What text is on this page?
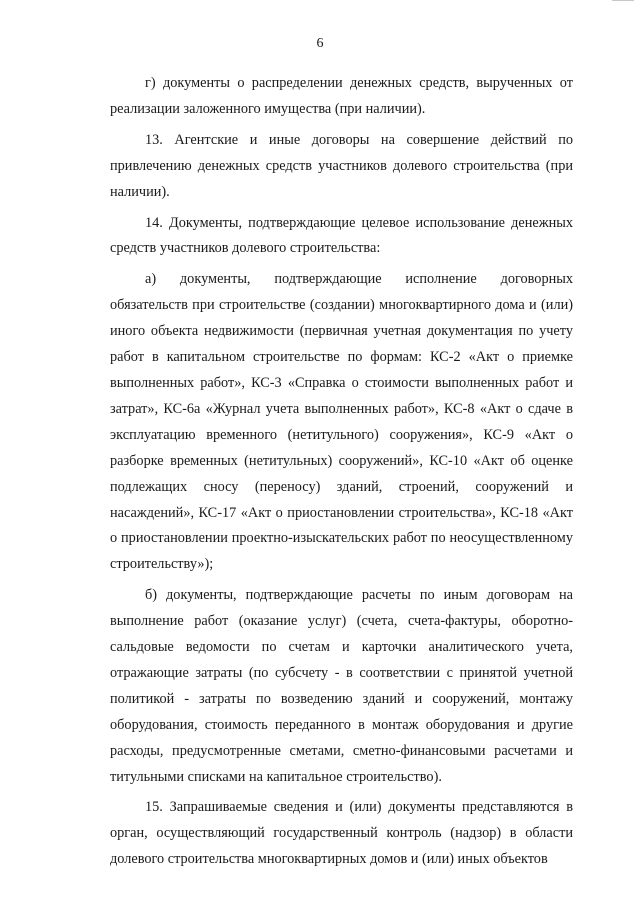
6

г) документы о распределении денежных средств, вырученных от реализации заложенного имущества (при наличии).

13. Агентские и иные договоры на совершение действий по привлечению денежных средств участников долевого строительства (при наличии).

14. Документы, подтверждающие целевое использование денежных средств участников долевого строительства:

а) документы, подтверждающие исполнение договорных обязательств при строительстве (создании) многоквартирного дома и (или) иного объекта недвижимости (первичная учетная документация по учету работ в капитальном строительстве по формам: КС-2 «Акт о приемке выполненных работ», КС-3 «Справка о стоимости выполненных работ и затрат», КС-6а «Журнал учета выполненных работ», КС-8 «Акт о сдаче в эксплуатацию временного (нетитульного) сооружения», КС-9 «Акт о разборке временных (нетитульных) сооружений», КС-10 «Акт об оценке подлежащих сносу (переносу) зданий, строений, сооружений и насаждений», КС-17 «Акт о приостановлении строительства», КС-18 «Акт о приостановлении проектно-изыскательских работ по неосуществленному строительству»);

б) документы, подтверждающие расчеты по иным договорам на выполнение работ (оказание услуг) (счета, счета-фактуры, оборотно-сальдовые ведомости по счетам и карточки аналитического учета, отражающие затраты (по субсчету - в соответствии с принятой учетной политикой - затраты по возведению зданий и сооружений, монтажу оборудования, стоимость переданного в монтаж оборудования и другие расходы, предусмотренные сметами, сметно-финансовыми расчетами и титульными списками на капитальное строительство).

15. Запрашиваемые сведения и (или) документы представляются в орган, осуществляющий государственный контроль (надзор) в области долевого строительства многоквартирных домов и (или) иных объектов
